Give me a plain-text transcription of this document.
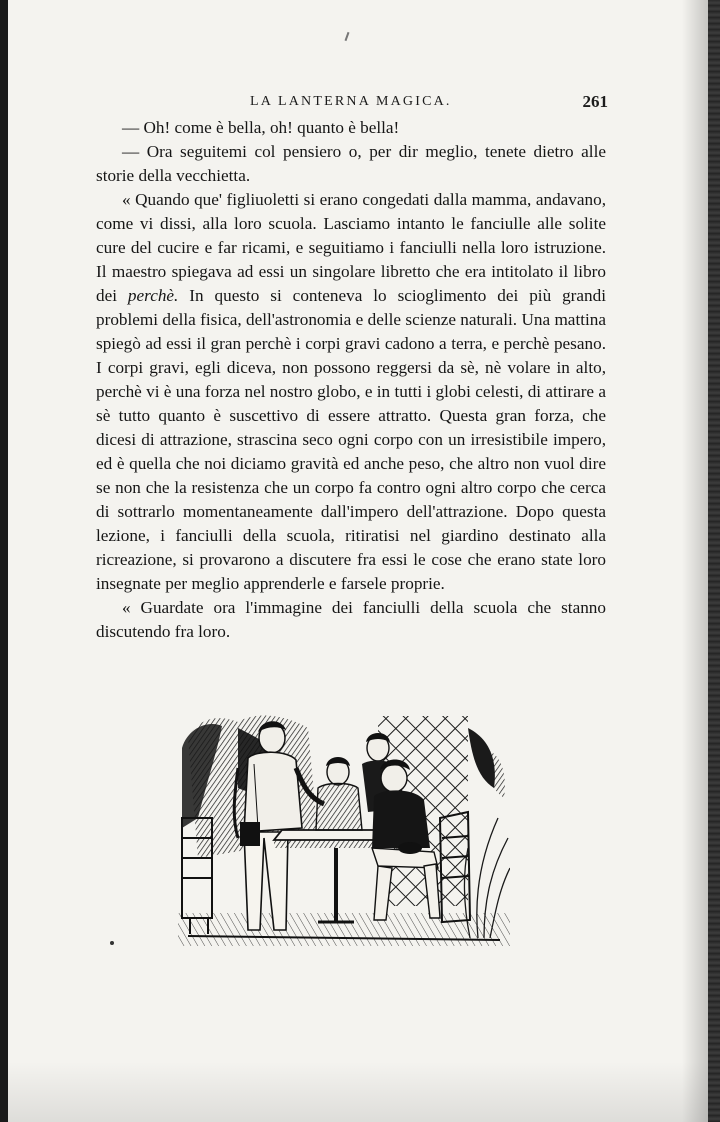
LA LANTERNA MAGICA.	261

— Oh! come è bella, oh! quanto è bella!

— Ora seguitemi col pensiero o, per dir meglio, tenete dietro alle storie della vecchietta.

« Quando que' figliuoletti si erano congedati dalla mamma, andavano, come vi dissi, alla loro scuola. Lasciamo intanto le fanciulle alle solite cure del cucire e far ricami, e seguitiamo i fanciulli nella loro istruzione. Il maestro spiegava ad essi un singolare libretto che era intitolato il libro dei perchè. In questo si conteneva lo scioglimento dei più grandi problemi della fisica, dell'astronomia e delle scienze naturali. Una mattina spiegò ad essi il gran perchè i corpi gravi cadono a terra, e perchè pesano. I corpi gravi, egli diceva, non possono reggersi da sè, nè volare in alto, perchè vi è una forza nel nostro globo, e in tutti i globi celesti, di attirare a sè tutto quanto è suscettivo di essere attratto. Questa gran forza, che dicesi di attrazione, strascina seco ogni corpo con un irresistibile impero, ed è quella che noi diciamo gravità ed anche peso, che altro non vuol dire se non che la resistenza che un corpo fa contro ogni altro corpo che cerca di sottrarlo momentaneamente dall'impero dell'attrazione. Dopo questa lezione, i fanciulli della scuola, ritiratisi nel giardino destinato alla ricreazione, si provarono a discutere fra essi le cose che erano state loro insegnate per meglio apprenderle e farsele proprie.

« Guardate ora l'immagine dei fanciulli della scuola che stanno discutendo fra loro.
